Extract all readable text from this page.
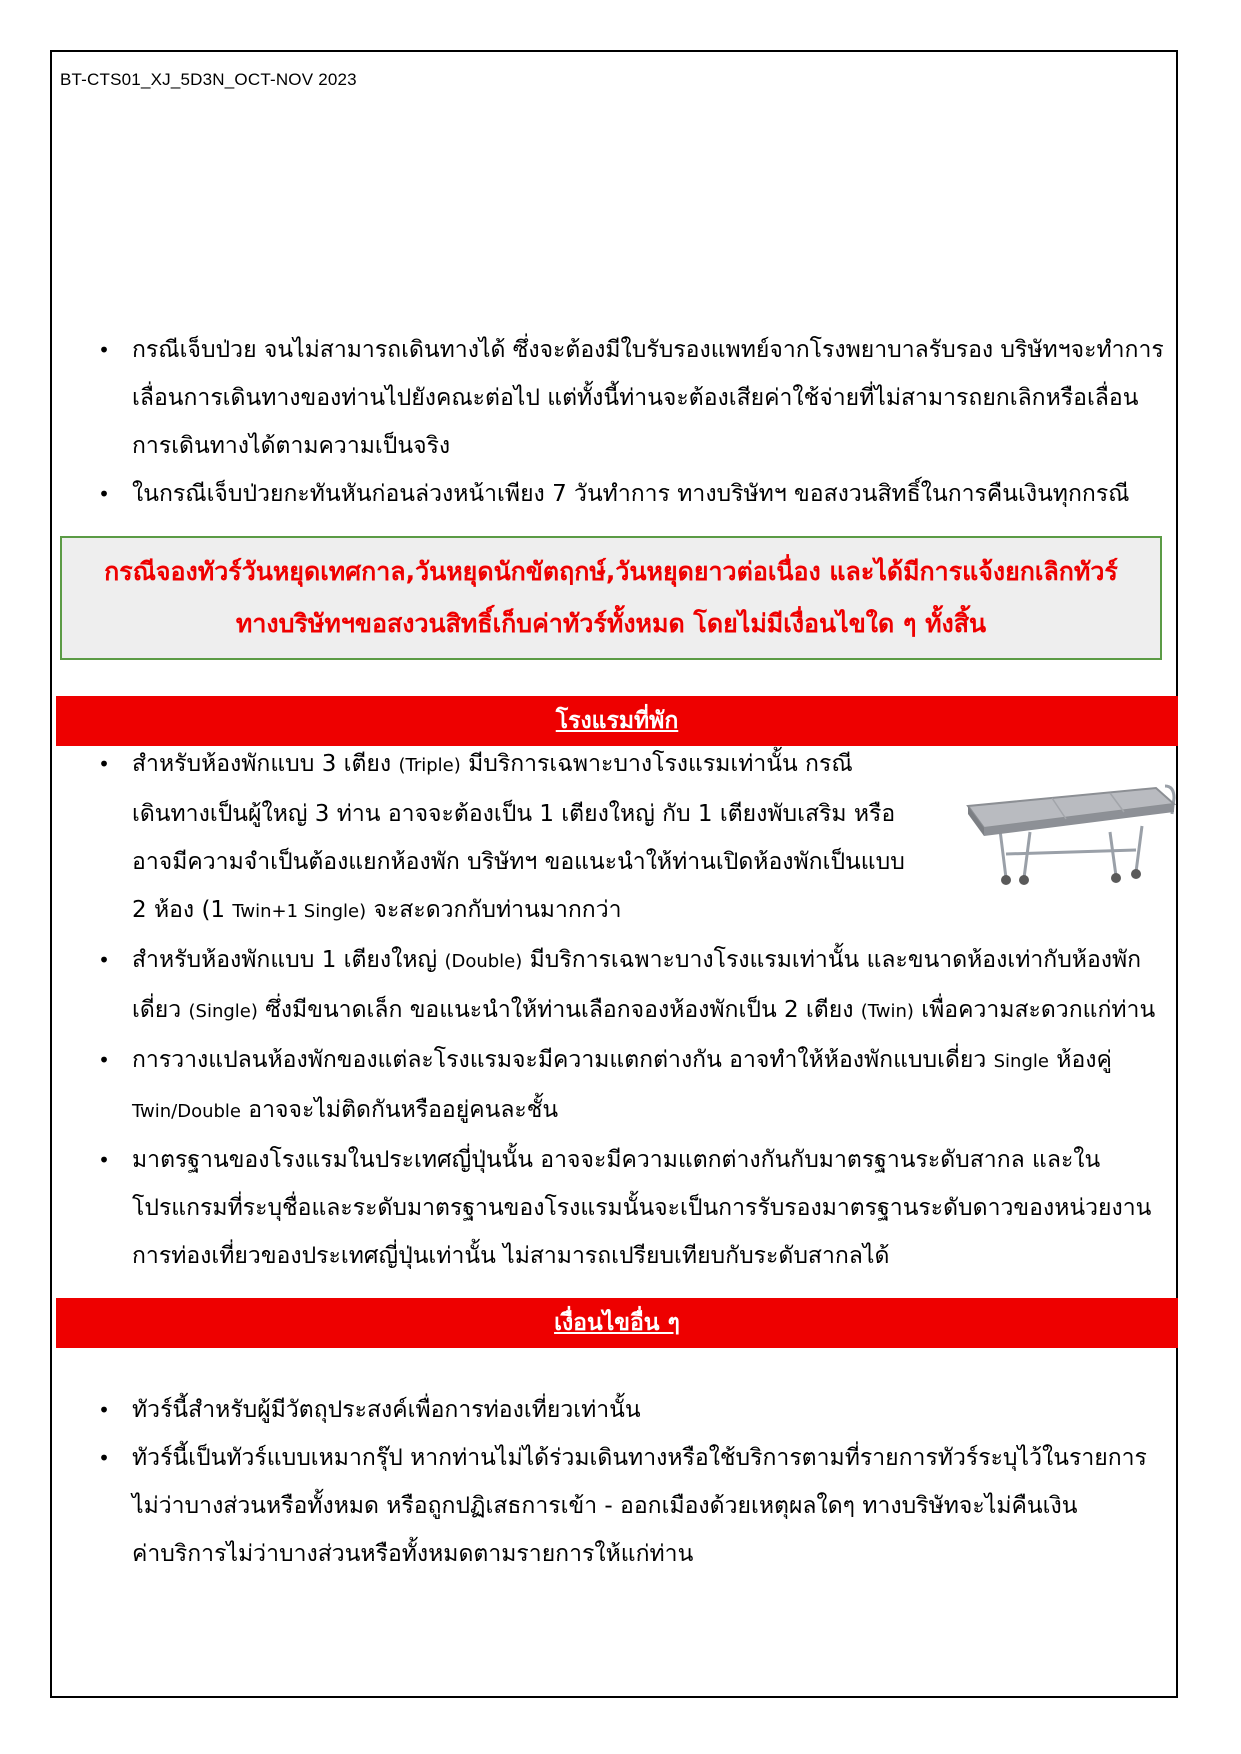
BT-CTS01_XJ_5D3N_OCT-NOV 2023
• กรณีเจ็บป่วย จนไม่สามารถเดินทางได้ ซึ่งจะต้องมีใบรับรองแพทย์จากโรงพยาบาลรับรอง บริษัทฯจะทำการ
เลื่อนการเดินทางของท่านไปยังคณะต่อไป แต่ทั้งนี้ท่านจะต้องเสียค่าใช้จ่ายที่ไม่สามารถยกเลิกหรือเลื่อน
การเดินทางได้ตามความเป็นจริง
• ในกรณีเจ็บป่วยกะทันหันก่อนล่วงหน้าเพียง 7 วันทำการ ทางบริษัทฯ ขอสงวนสิทธิ์ในการคืนเงินทุกกรณี
กรณีจองทัวร์วันหยุดเทศกาล,วันหยุดนักขัตฤกษ์,วันหยุดยาวต่อเนื่อง และได้มีการแจ้งยกเลิกทัวร์
ทางบริษัทฯขอสงวนสิทธิ์เก็บค่าทัวร์ทั้งหมด โดยไม่มีเงื่อนไขใด ๆ ทั้งสิ้น
โรงแรมที่พัก
• สำหรับห้องพักแบบ 3 เตียง (Triple) มีบริการเฉพาะบางโรงแรมเท่านั้น กรณี
เดินทางเป็นผู้ใหญ่ 3 ท่าน อาจจะต้องเป็น 1 เตียงใหญ่ กับ 1 เตียงพับเสริม หรือ
อาจมีความจำเป็นต้องแยกห้องพัก บริษัทฯ ขอแนะนำให้ท่านเปิดห้องพักเป็นแบบ
2 ห้อง (1 Twin+1 Single) จะสะดวกกับท่านมากกว่า
• สำหรับห้องพักแบบ 1 เตียงใหญ่ (Double) มีบริการเฉพาะบางโรงแรมเท่านั้น และขนาดห้องเท่ากับห้องพัก
เดี่ยว (Single) ซึ่งมีขนาดเล็ก ขอแนะนำให้ท่านเลือกจองห้องพักเป็น 2 เตียง (Twin) เพื่อความสะดวกแก่ท่าน
• การวางแปลนห้องพักของแต่ละโรงแรมจะมีความแตกต่างกัน อาจทำให้ห้องพักแบบเดี่ยว Single ห้องคู่
Twin/Double อาจจะไม่ติดกันหรืออยู่คนละชั้น
• มาตรฐานของโรงแรมในประเทศญี่ปุ่นนั้น อาจจะมีความแตกต่างกันกับมาตรฐานระดับสากล และใน
โปรแกรมที่ระบุชื่อและระดับมาตรฐานของโรงแรมนั้นจะเป็นการรับรองมาตรฐานระดับดาวของหน่วยงาน
การท่องเที่ยวของประเทศญี่ปุ่นเท่านั้น ไม่สามารถเปรียบเทียบกับระดับสากลได้
เงื่อนไขอื่น ๆ
• ทัวร์นี้สำหรับผู้มีวัตถุประสงค์เพื่อการท่องเที่ยวเท่านั้น
• ทัวร์นี้เป็นทัวร์แบบเหมากรุ๊ป หากท่านไม่ได้ร่วมเดินทางหรือใช้บริการตามที่รายการทัวร์ระบุไว้ในรายการ
ไม่ว่าบางส่วนหรือทั้งหมด หรือถูกปฏิเสธการเข้า - ออกเมืองด้วยเหตุผลใดๆ ทางบริษัทจะไม่คืนเงิน
ค่าบริการไม่ว่าบางส่วนหรือทั้งหมดตามรายการให้แก่ท่าน
